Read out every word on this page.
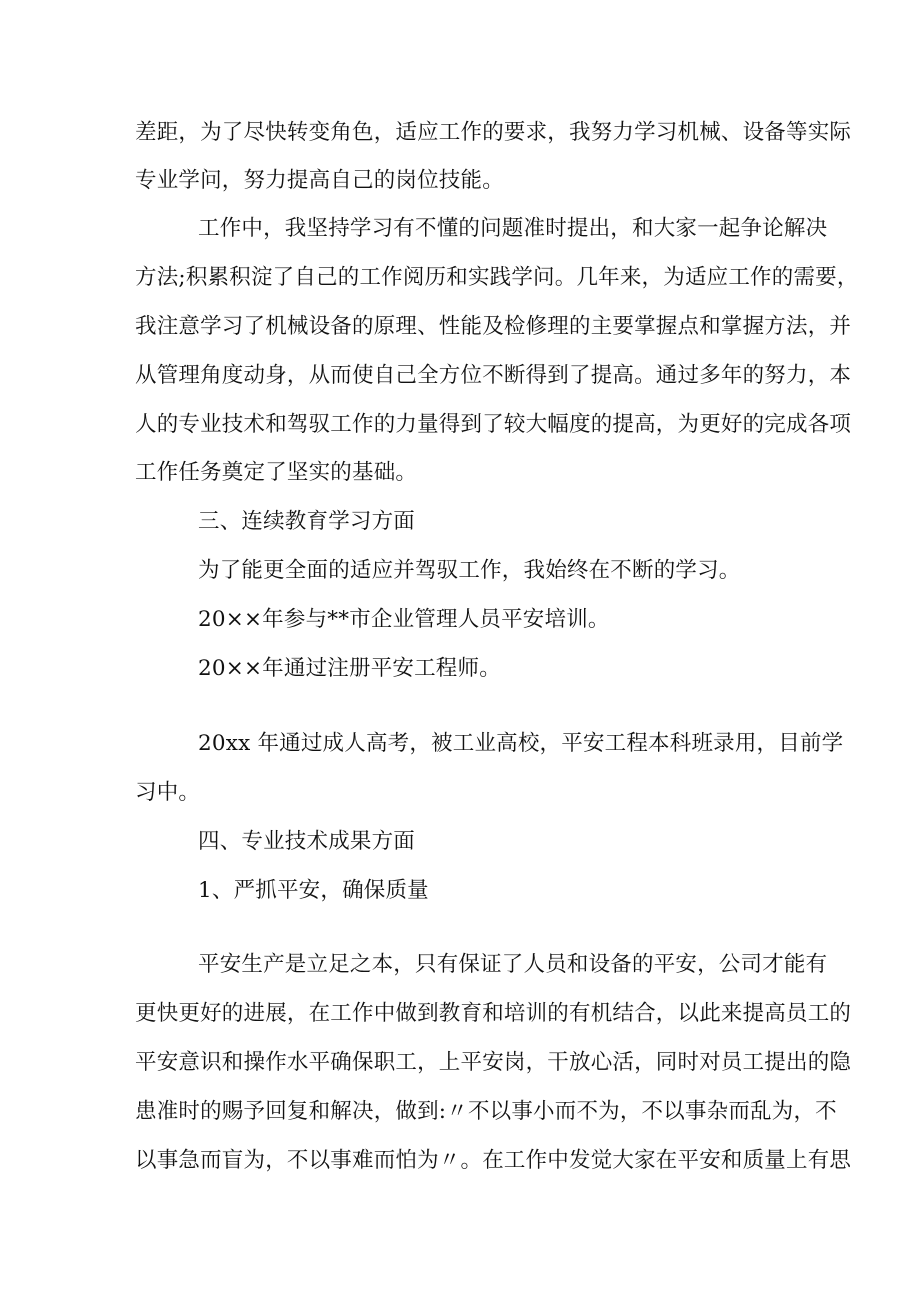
差距，为了尽快转变角色，适应工作的要求，我努力学习机械、设备等实际
专业学问，努力提高自己的岗位技能。
工作中，我坚持学习有不懂的问题准时提出，和大家一起争论解决
方法;积累积淀了自己的工作阅历和实践学问。几年来，为适应工作的需要，
我注意学习了机械设备的原理、性能及检修理的主要掌握点和掌握方法，并
从管理角度动身，从而使自己全方位不断得到了提高。通过多年的努力，本
人的专业技术和驾驭工作的力量得到了较大幅度的提高，为更好的完成各项
工作任务奠定了坚实的基础。
三、连续教育学习方面
为了能更全面的适应并驾驭工作，我始终在不断的学习。
20××年参与**市企业管理人员平安培训。
20××年通过注册平安工程师。
20xx 年通过成人高考，被工业高校，平安工程本科班录用，目前学
习中。
四、专业技术成果方面
1、严抓平安，确保质量
平安生产是立足之本，只有保证了人员和设备的平安，公司才能有
更快更好的进展，在工作中做到教育和培训的有机结合，以此来提高员工的
平安意识和操作水平确保职工，上平安岗，干放心活，同时对员工提出的隐
患准时的赐予回复和解决，做到:〃不以事小而不为，不以事杂而乱为，不
以事急而盲为，不以事难而怕为〃。在工作中发觉大家在平安和质量上有思
